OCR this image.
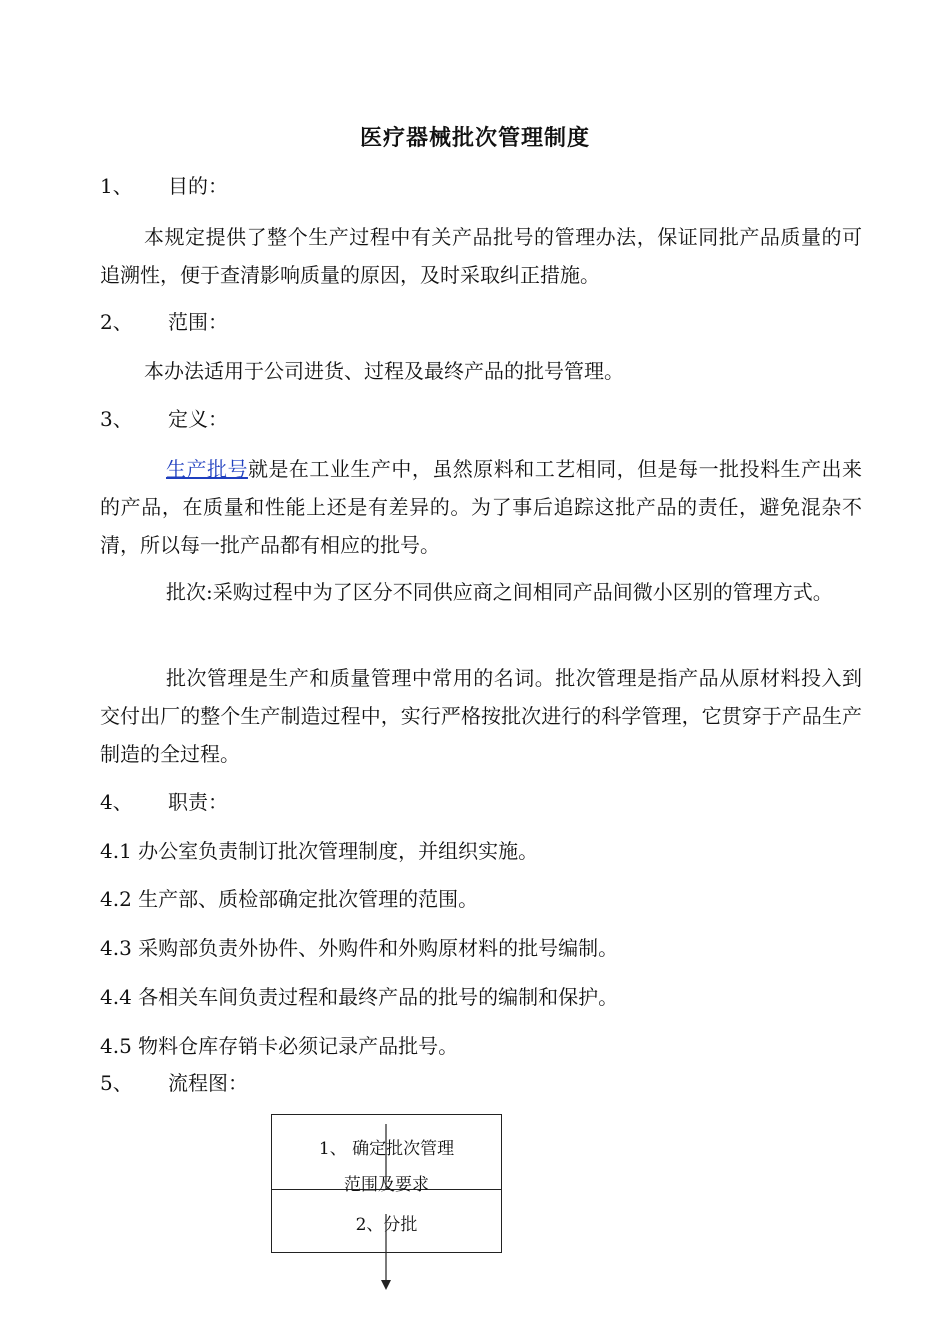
医疗器械批次管理制度
1、 目的：
本规定提供了整个生产过程中有关产品批号的管理办法，保证同批产品质量的可追溯性，便于查清影响质量的原因，及时采取纠正措施。
2、 范围：
本办法适用于公司进货、过程及最终产品的批号管理。
3、 定义：
生产批号就是在工业生产中，虽然原料和工艺相同，但是每一批投料生产出来的产品，在质量和性能上还是有差异的。为了事后追踪这批产品的责任，避免混杂不清，所以每一批产品都有相应的批号。
批次:采购过程中为了区分不同供应商之间相同产品间微小区别的管理方式。
批次管理是生产和质量管理中常用的名词。批次管理是指产品从原材料投入到交付出厂的整个生产制造过程中，实行严格按批次进行的科学管理，它贯穿于产品生产制造的全过程。
4、 职责：
4.1 办公室负责制订批次管理制度，并组织实施。
4.2 生产部、质检部确定批次管理的范围。
4.3 采购部负责外协件、外购件和外购原材料的批号编制。
4.4 各相关车间负责过程和最终产品的批号的编制和保护。
4.5 物料仓库存销卡必须记录产品批号。
5、 流程图：
1、 确定批次管理
范围及要求
2、分批
